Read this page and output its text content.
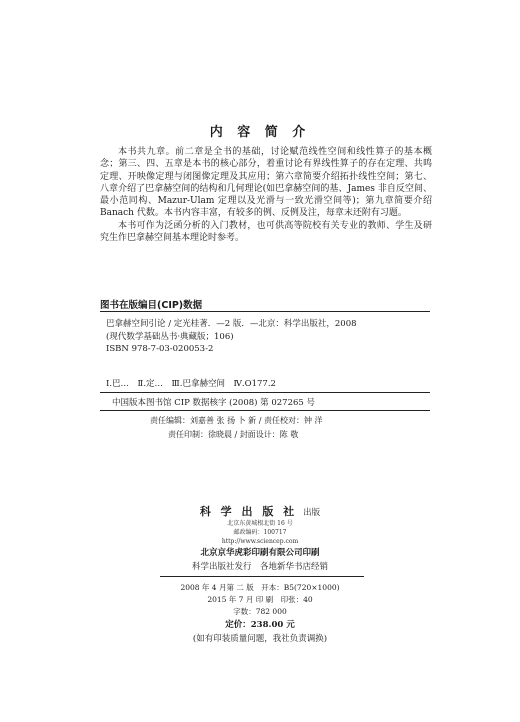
内 容 简 介

本书共九章。前二章是全书的基础，讨论赋范线性空间和线性算子的基本概念；第三、四、五章是本书的核心部分，着重讨论有界线性算子的存在定理、共鸣定理、开映像定理与闭图像定理及其应用；第六章简要介绍拓扑线性空间；第七、八章介绍了巴拿赫空间的结构和几何理论(如巴拿赫空间的基、James 非自反空间、最小范同构、Mazur-Ulam 定理以及光滑与一致光滑空间等)；第九章简要介绍 Banach 代数。本书内容丰富，有较多的例、反例及注，每章末还附有习题。

本书可作为泛函分析的入门教材，也可供高等院校有关专业的教师、学生及研究生作巴拿赫空间基本理论时参考。

图书在版编目(CIP)数据
巴拿赫空间引论 / 定光桂著．—2 版．—北京：科学出版社，2008
(现代数学基础丛书·典藏版；106)
ISBN 978-7-03-020053-2
Ⅰ.巴…　Ⅱ.定…　Ⅲ.巴拿赫空间　Ⅳ.O177.2
中国版本图书馆 CIP 数据核字 (2008) 第 027265 号
责任编辑：刘嘉善 张 扬 卜 新 / 责任校对：钟 洋
责任印制：徐晓晨 / 封面设计：陈 敬
科 学 出 版 社 出版
北京东黄城根北街 16 号
邮政编码：100717
http://www.sciencep.com
北京京华虎彩印刷有限公司印刷
科学出版社发行　各地新华书店经销
2008 年 4 月第 二 版　开本：B5(720×1000)
2015 年 7 月 印 刷　印张：40
字数：782 000
定价：238.00 元
(如有印装质量问题，我社负责调换)
